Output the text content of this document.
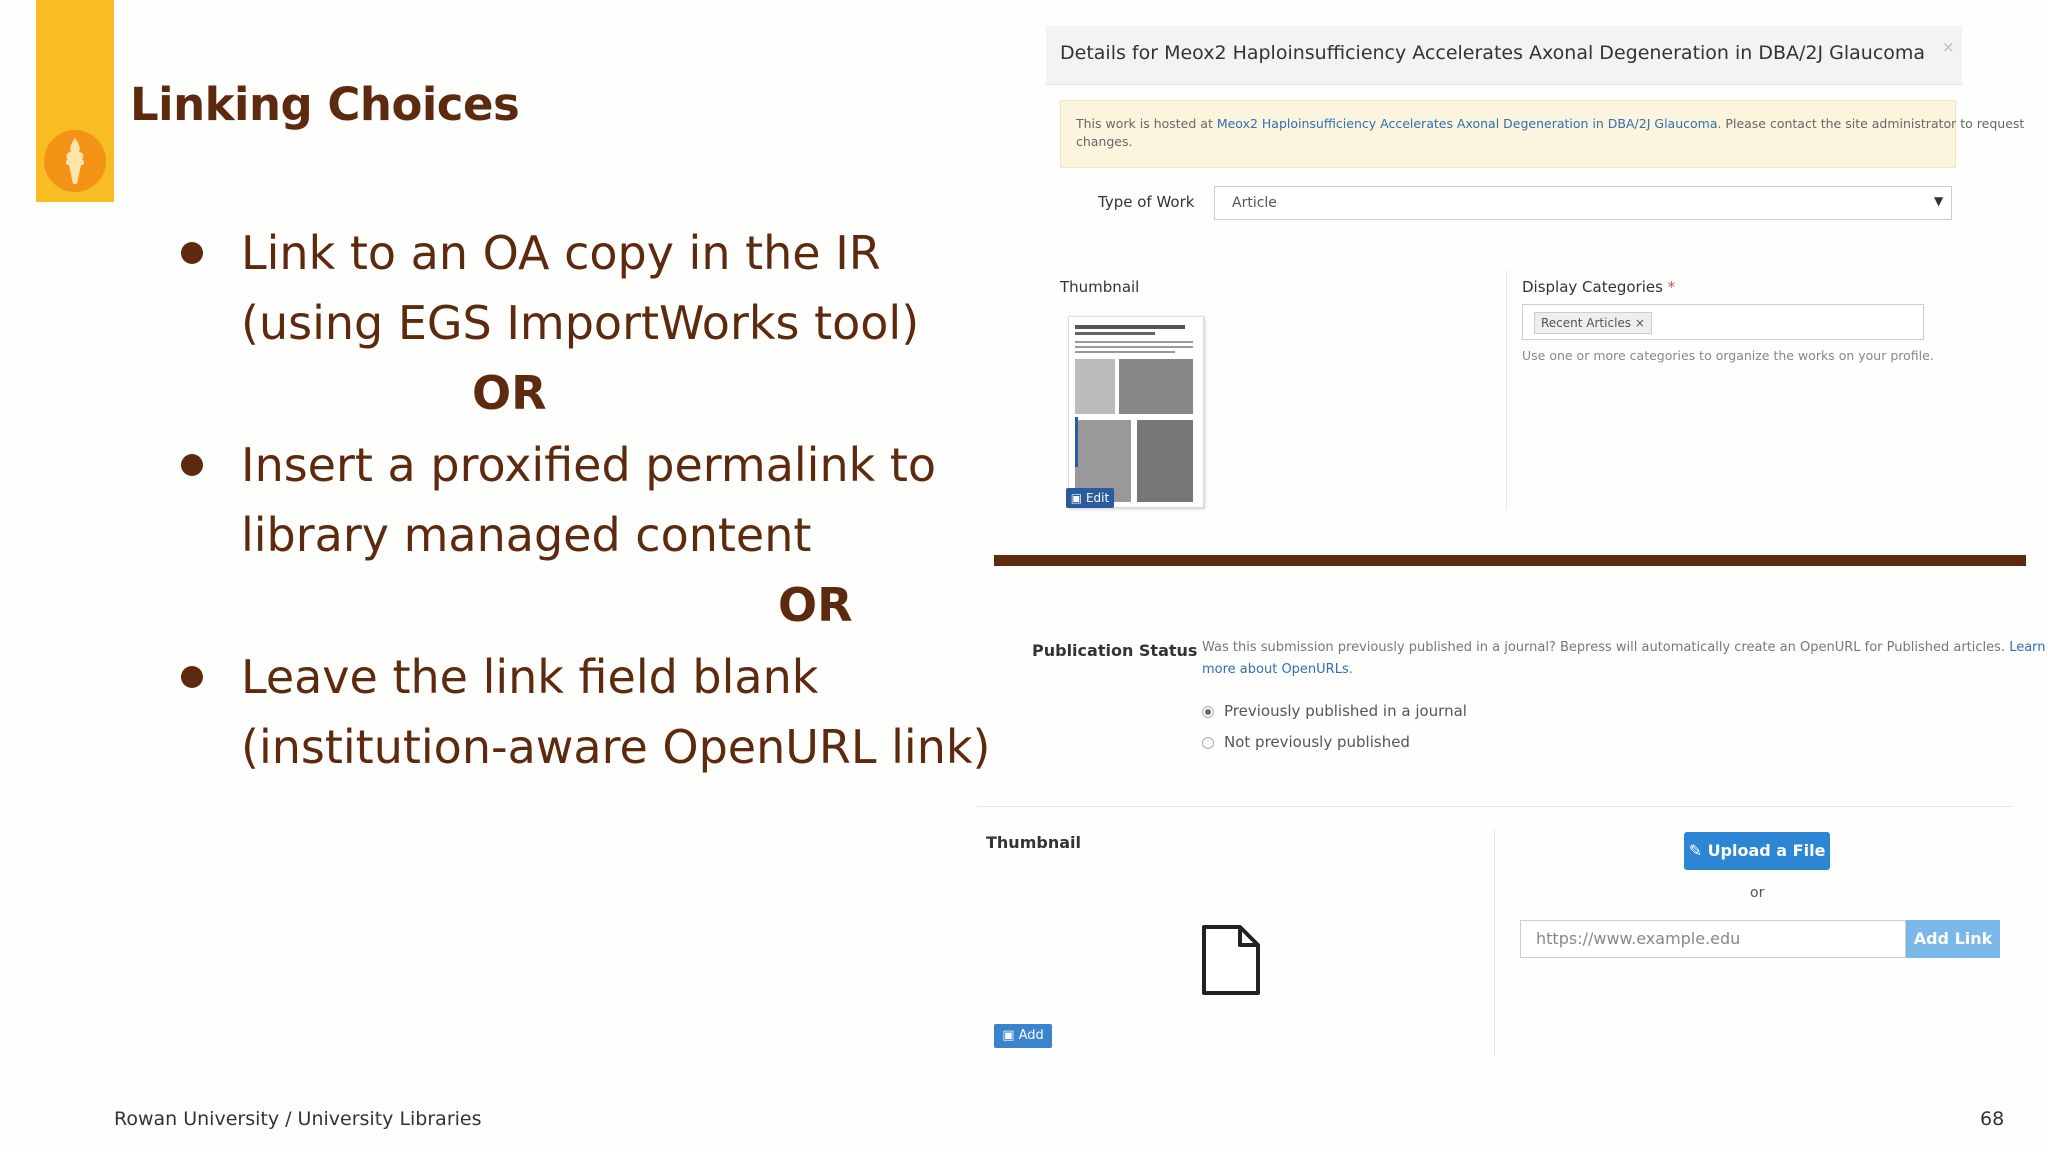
Linking Choices
Link to an OA copy in the IR
(using EGS ImportWorks tool)
OR
Insert a proxified permalink to
library managed content
OR
Leave the link field blank
(institution-aware OpenURL link)
Rowan University / University Libraries	68
Details for Meox2 Haploinsufficiency Accelerates Axonal Degeneration in DBA/2J Glaucoma ×
This work is hosted at Meox2 Haploinsufficiency Accelerates Axonal Degeneration in DBA/2J Glaucoma. Please contact the site administrator to request
changes.
Type of Work	Article	▼
Thumbnail
▣ Edit
Display Categories *
Recent Articles ×
Use one or more categories to organize the works on your profile.
Publication Status Was this submission previously published in a journal? Bepress will automatically create an OpenURL for Published articles. Learn
more about OpenURLs.
Previously published in a journal
Not previously published
Thumbnail
▣ Add
✎ Upload a File
or
https://www.example.edu	Add Link
